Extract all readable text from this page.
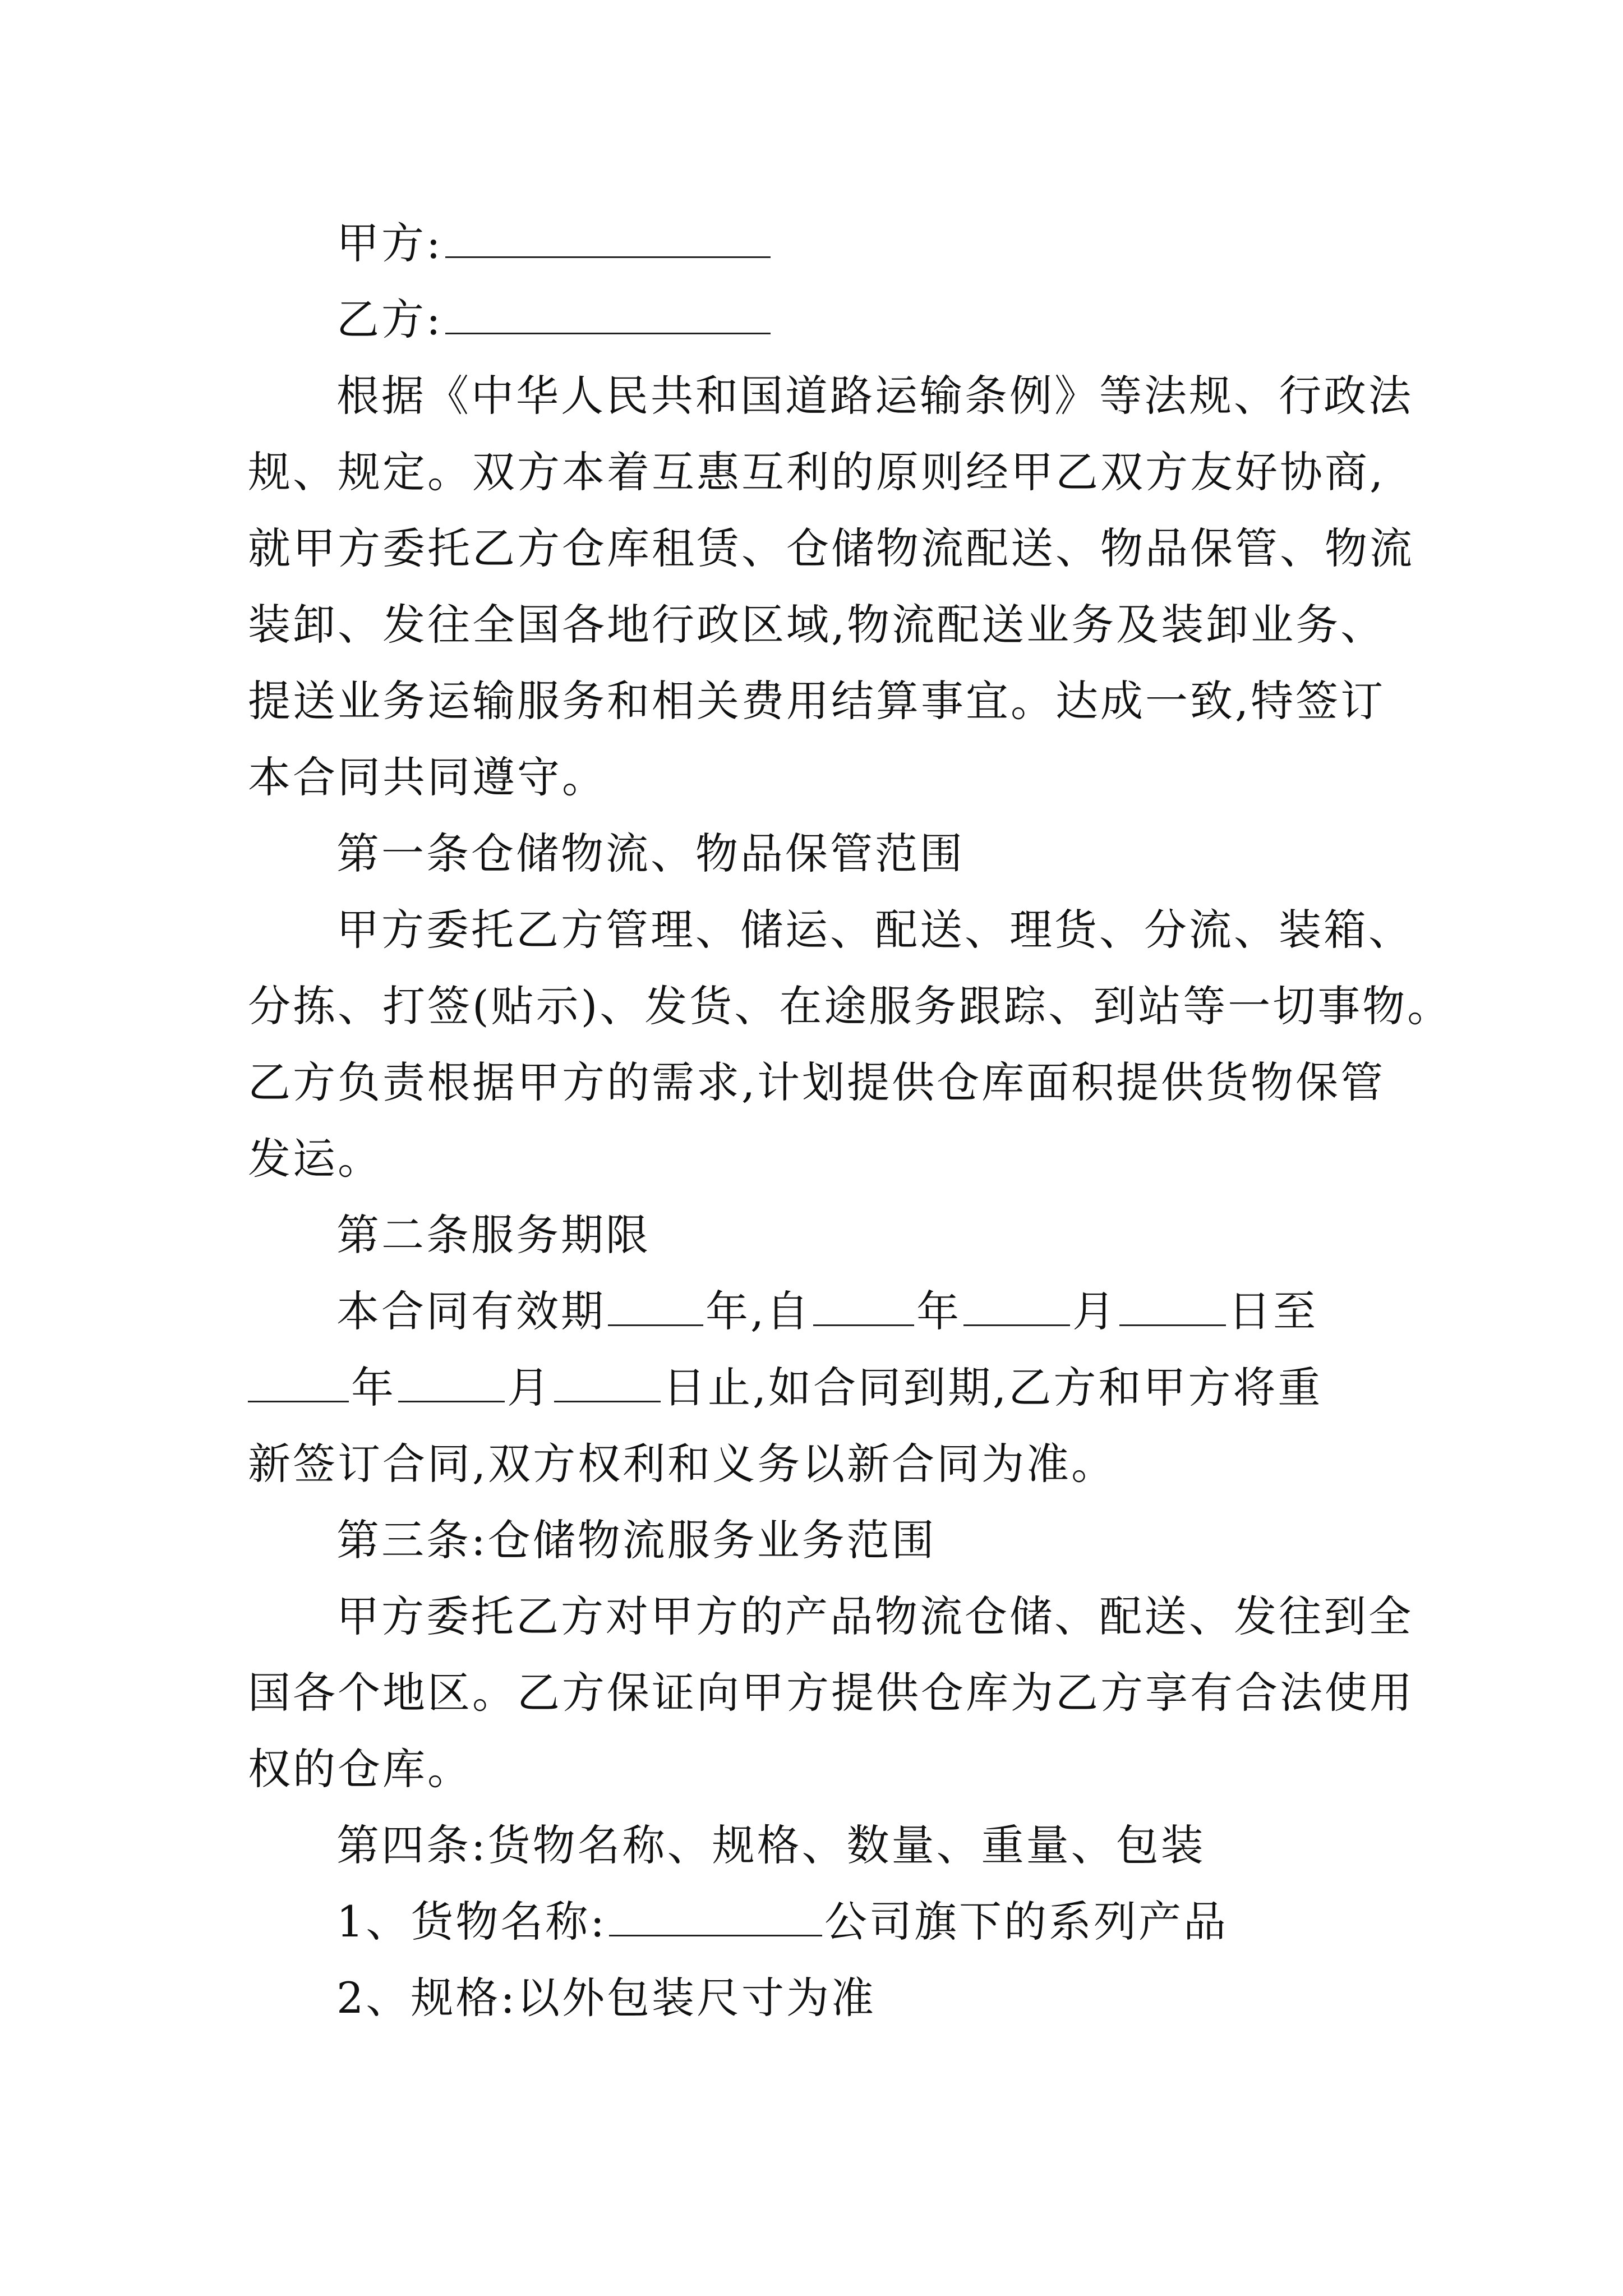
甲方:
乙方:
根据《中华人民共和国道路运输条例》等法规、行政法
规、规定。双方本着互惠互利的原则经甲乙双方友好协商,
就甲方委托乙方仓库租赁、仓储物流配送、物品保管、物流
装卸、发往全国各地行政区域,物流配送业务及装卸业务、
提送业务运输服务和相关费用结算事宜。达成一致,特签订
本合同共同遵守。
第一条仓储物流、物品保管范围
甲方委托乙方管理、储运、配送、理货、分流、装箱、
分拣、打签(贴示)、发货、在途服务跟踪、到站等一切事物。
乙方负责根据甲方的需求,计划提供仓库面积提供货物保管
发运。
第二条服务期限
本合同有效期 年,自 年	月	日至
年	月	日止,如合同到期,乙方和甲方将重
新签订合同,双方权利和义务以新合同为准。
第三条:仓储物流服务业务范围
甲方委托乙方对甲方的产品物流仓储、配送、发往到全
国各个地区。乙方保证向甲方提供仓库为乙方享有合法使用
权的仓库。
第四条:货物名称、规格、数量、重量、包装
1、货物名称:	公司旗下的系列产品
2、规格:以外包装尺寸为准
